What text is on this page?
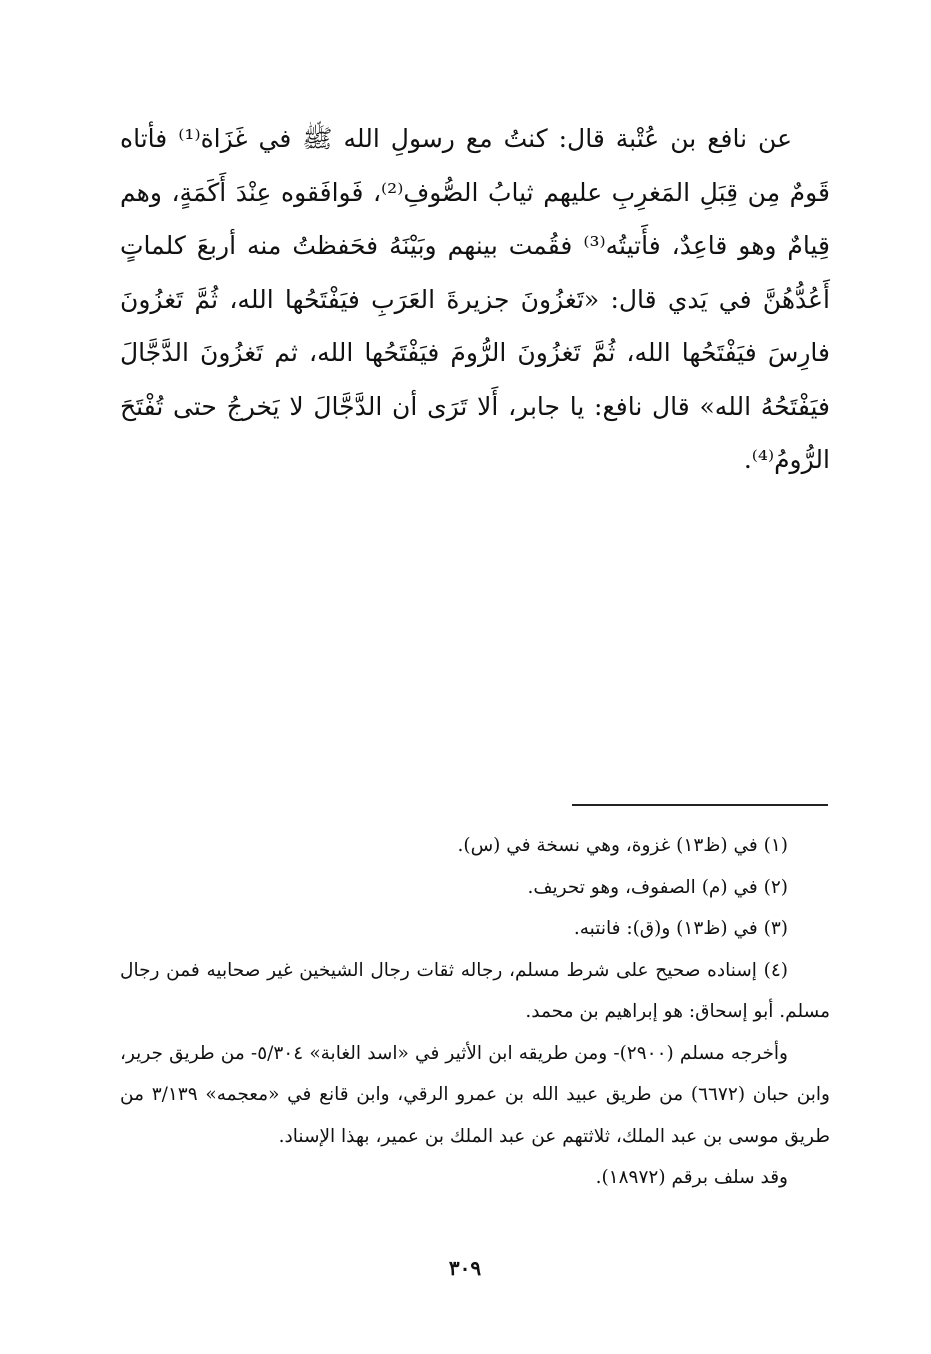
عن نافع بن عُتْبة قال: كنتُ مع رسولِ الله ﷺ في غَزَاة⁽¹⁾ فأتاه قَومٌ مِن قِبَلِ المَغرِبِ عليهم ثيابُ الصُّوفِ⁽²⁾، فَوافَقوه عِنْدَ أَكَمَةٍ، وهم قِيامٌ وهو قاعِدٌ، فأَتيتُه⁽³⁾ فقُمت بينهم وبَيْنَهُ فحَفظتُ منه أربعَ كلماتٍ أَعُدُّهُنَّ في يَدي قال: «تَغزُونَ جزيرةَ العَرَبِ فيَفْتَحُها الله، ثُمَّ تَغزُونَ فارِسَ فيَفْتَحُها الله، ثُمَّ تَغزُونَ الرُّومَ فيَفْتَحُها الله، ثم تَغزُونَ الدَّجَّالَ فيَفْتَحُهُ الله» قال نافع: يا جابر، أَلا تَرَى أن الدَّجَّالَ لا يَخرجُ حتى تُفْتَحَ الرُّومُ⁽⁴⁾.

(١) في (ظ١٣) غزوة، وهي نسخة في (س).

(٢) في (م) الصفوف، وهو تحريف.

(٣) في (ظ١٣) و(ق): فانتبه.

(٤) إسناده صحيح على شرط مسلم، رجاله ثقات رجال الشيخين غير صحابيه فمن رجال مسلم. أبو إسحاق: هو إبراهيم بن محمد.

وأخرجه مسلم (٢٩٠٠)- ومن طريقه ابن الأثير في «اسد الغابة» ٥/٣٠٤- من طريق جرير، وابن حبان (٦٦٧٢) من طريق عبيد الله بن عمرو الرقي، وابن قانع في «معجمه» ٣/١٣٩ من طريق موسى بن عبد الملك، ثلاثتهم عن عبد الملك بن عمير، بهذا الإسناد.

وقد سلف برقم (١٨٩٧٢).

٣٠٩
